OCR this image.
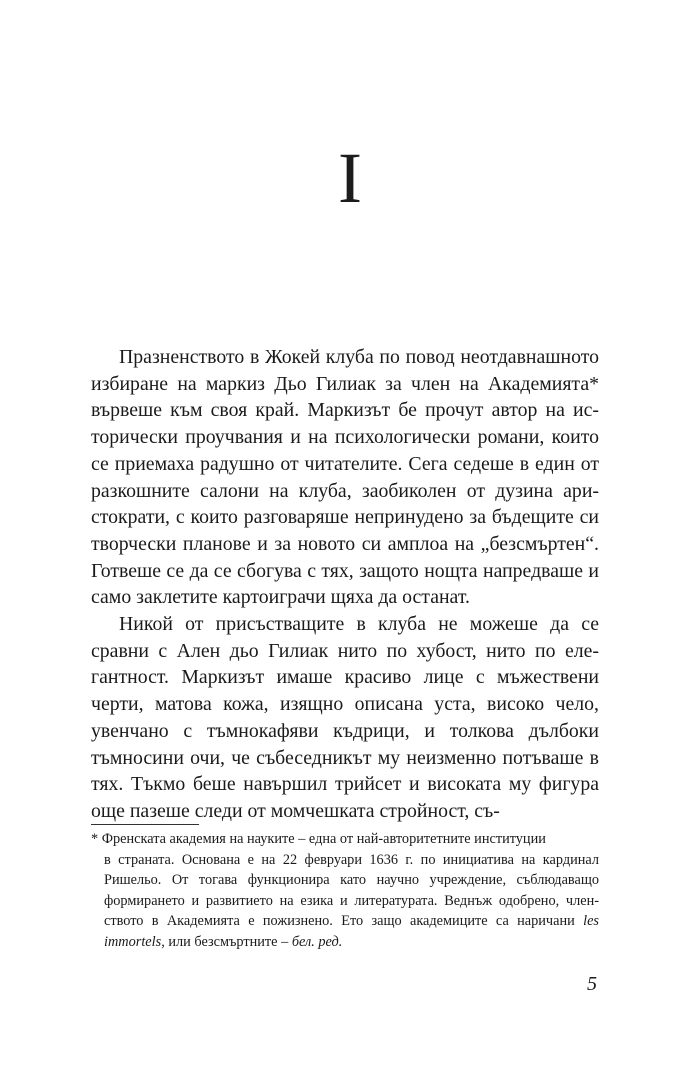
I

Празненството в Жокей клуба по повод неотдавнашното избиране на маркиз Дьо Гилиак за член на Академията* вървеше към своя край. Маркизът бе прочут автор на исторически проучвания и на психологически романи, които се приемаха радушно от читателите. Сега седеше в един от разкошните салони на клуба, заобиколен от дузина аристократи, с които разговаряше непринудено за бъдещите си творчески планове и за новото си амплоа на „безсмъртен“. Готвеше се да се сбогува с тях, защото нощта напредваше и само заклетите картоиграчи щяха да останат.

Никой от присъстващите в клуба не можеше да се сравни с Ален дьо Гилиак нито по хубост, нито по елегантност. Маркизът имаше красиво лице с мъжествени черти, матова кожа, изящно описана уста, високо чело, увенчано с тъмнокафяви къдрици, и толкова дълбоки тъмносини очи, че събеседникът му неизменно потъваше в тях. Тъкмо беше навършил трийсет и високата му фигура още пазеше следи от момчешката стройност, съ-

* Френската академия на науките – една от най-авторитетните институции
в страната. Основана е на 22 февруари 1636 г. по инициатива на кардинал Ришельо. От тогава функционира като научно учреждение, съблюдаващо формирането и развитието на езика и литературата. Веднъж одобрено, членството в Академията е пожизнено. Ето защо академиците са наричани les immortels, или безсмъртните – бел. ред.
5
